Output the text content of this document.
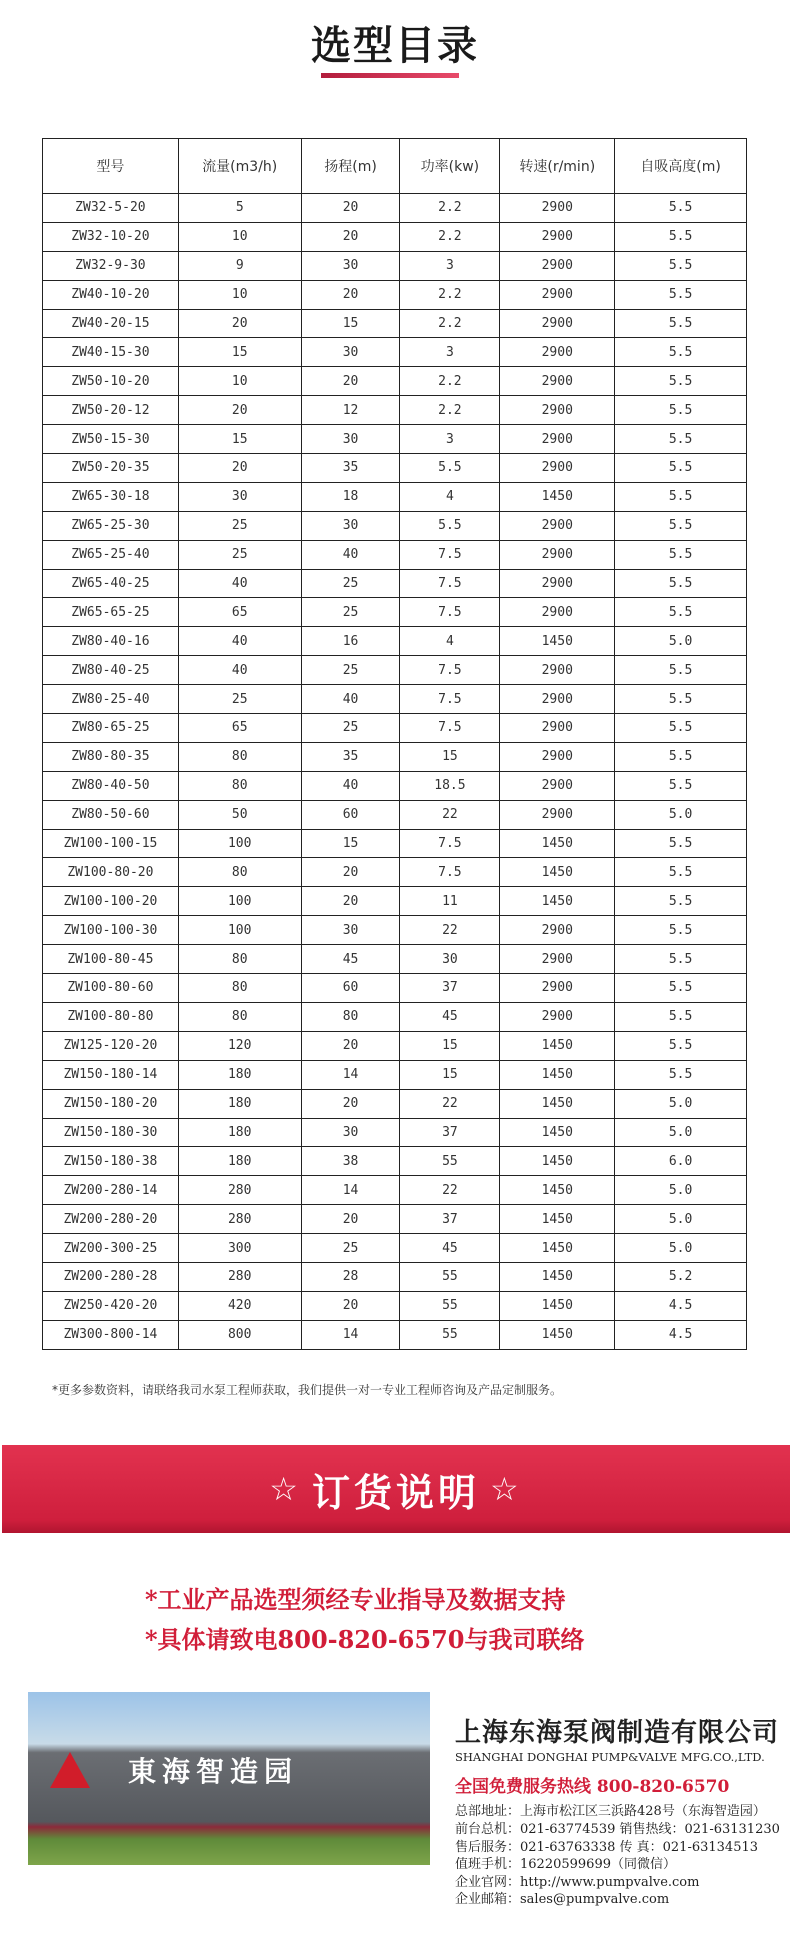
选型目录
型号	流量(m3/h)	扬程(m)	功率(kw)	转速(r/min)	自吸高度(m)
ZW32-5-20	5	20	2.2	2900	5.5
ZW32-10-20	10	20	2.2	2900	5.5
ZW32-9-30	9	30	3	2900	5.5
ZW40-10-20	10	20	2.2	2900	5.5
ZW40-20-15	20	15	2.2	2900	5.5
ZW40-15-30	15	30	3	2900	5.5
ZW50-10-20	10	20	2.2	2900	5.5
ZW50-20-12	20	12	2.2	2900	5.5
ZW50-15-30	15	30	3	2900	5.5
ZW50-20-35	20	35	5.5	2900	5.5
ZW65-30-18	30	18	4	1450	5.5
ZW65-25-30	25	30	5.5	2900	5.5
ZW65-25-40	25	40	7.5	2900	5.5
ZW65-40-25	40	25	7.5	2900	5.5
ZW65-65-25	65	25	7.5	2900	5.5
ZW80-40-16	40	16	4	1450	5.0
ZW80-40-25	40	25	7.5	2900	5.5
ZW80-25-40	25	40	7.5	2900	5.5
ZW80-65-25	65	25	7.5	2900	5.5
ZW80-80-35	80	35	15	2900	5.5
ZW80-40-50	80	40	18.5	2900	5.5
ZW80-50-60	50	60	22	2900	5.0
ZW100-100-15	100	15	7.5	1450	5.5
ZW100-80-20	80	20	7.5	1450	5.5
ZW100-100-20	100	20	11	1450	5.5
ZW100-100-30	100	30	22	2900	5.5
ZW100-80-45	80	45	30	2900	5.5
ZW100-80-60	80	60	37	2900	5.5
ZW100-80-80	80	80	45	2900	5.5
ZW125-120-20	120	20	15	1450	5.5
ZW150-180-14	180	14	15	1450	5.5
ZW150-180-20	180	20	22	1450	5.0
ZW150-180-30	180	30	37	1450	5.0
ZW150-180-38	180	38	55	1450	6.0
ZW200-280-14	280	14	22	1450	5.0
ZW200-280-20	280	20	37	1450	5.0
ZW200-300-25	300	25	45	1450	5.0
ZW200-280-28	280	28	55	1450	5.2
ZW250-420-20	420	20	55	1450	4.5
ZW300-800-14	800	14	55	1450	4.5
*更多参数资料，请联络我司水泵工程师获取，我们提供一对一专业工程师咨询及产品定制服务。
☆ 订货说明 ☆
*工业产品选型须经专业指导及数据支持
*具体请致电800-820-6570与我司联络
東海智造园
上海东海泵阀制造有限公司
SHANGHAI DONGHAI PUMP&VALVE MFG.CO.,LTD.
全国免费服务热线 800-820-6570
总部地址：上海市松江区三浜路428号（东海智造园）
前台总机：021-63774539 销售热线：021-63131230
售后服务：021-63763338 传 真：021-63134513
值班手机：16220599699（同微信）
企业官网：http://www.pumpvalve.com
企业邮箱：sales@pumpvalve.com
